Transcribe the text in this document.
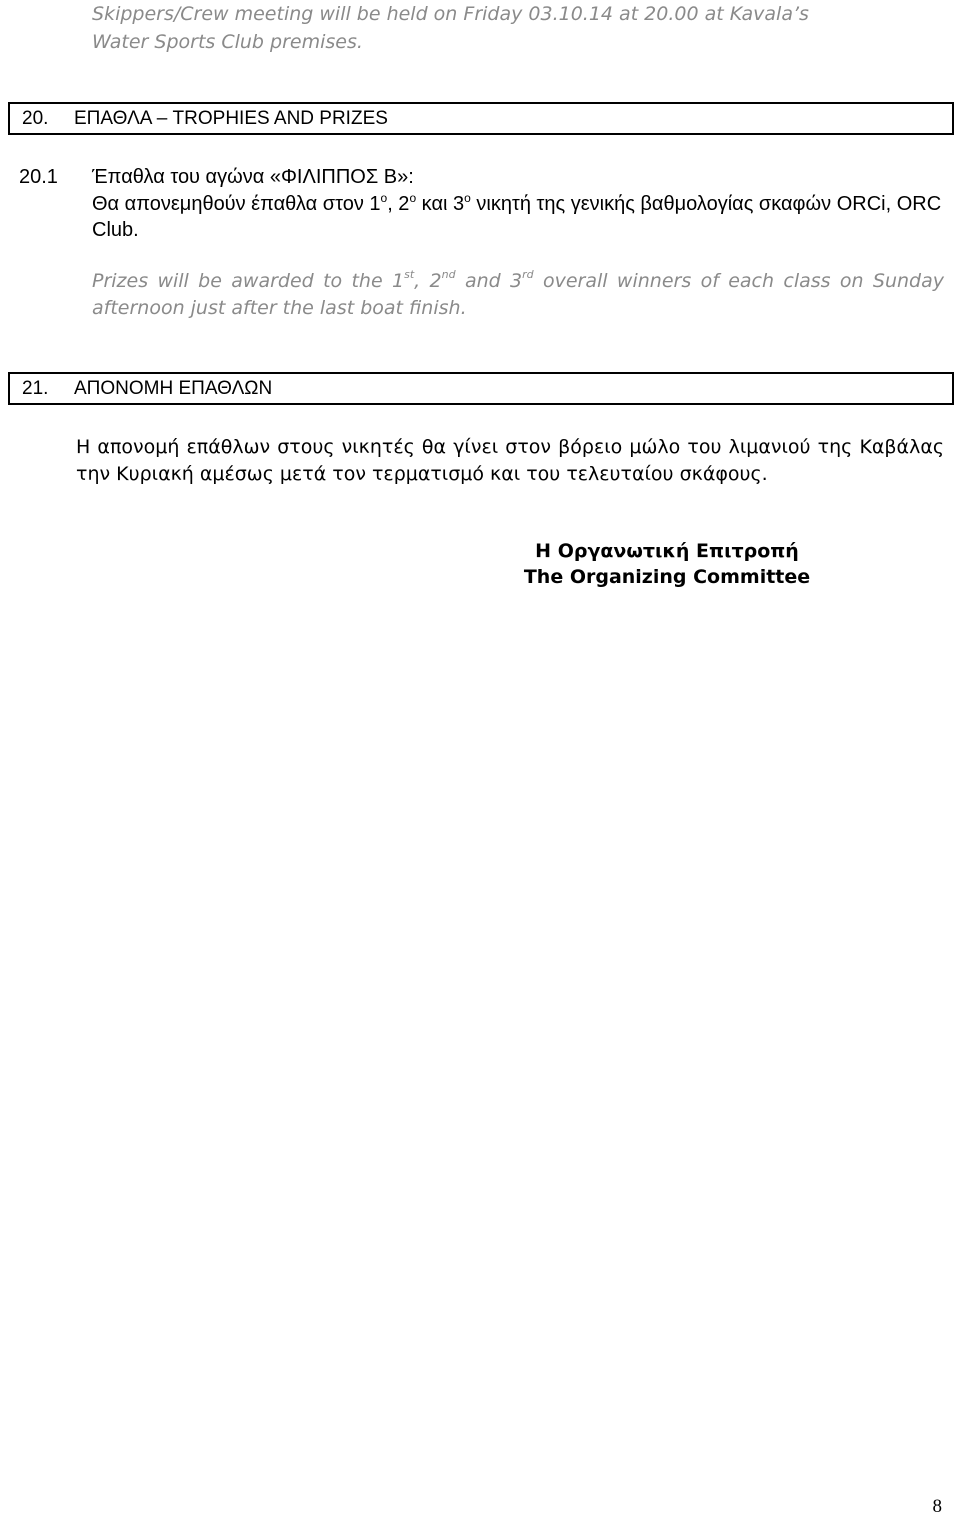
Skippers/Crew meeting will be held on Friday 03.10.14 at 20.00 at Kavala’s
Water Sports Club premises.
20. ΕΠΑΘΛΑ – TROPHIES AND PRIZES
20.1 Έπαθλα του αγώνα «ΦΙΛΙΠΠΟΣ Β»:
Θα απονεμηθούν έπαθλα στον $1^o$, $2^o$ και $3^o$ νικητή της γενικής βαθμολογίας σκαφών ORCi, ORC Club.
Prizes will be awarded to the 1st, 2nd and 3rd overall winners of each class on Sunday afternoon just after the last boat finish.
21. ΑΠΟΝΟΜΗ ΕΠΑΘΛΩΝ
Η απονομή επάθλων στους νικητές θα γίνει στον βόρειο μώλο του λιμανιού της Καβάλας την Κυριακή αμέσως μετά τον τερματισμό και του τελευταίου σκάφους.
Η Οργανωτική Επιτροπή
The Organizing Committee
8
